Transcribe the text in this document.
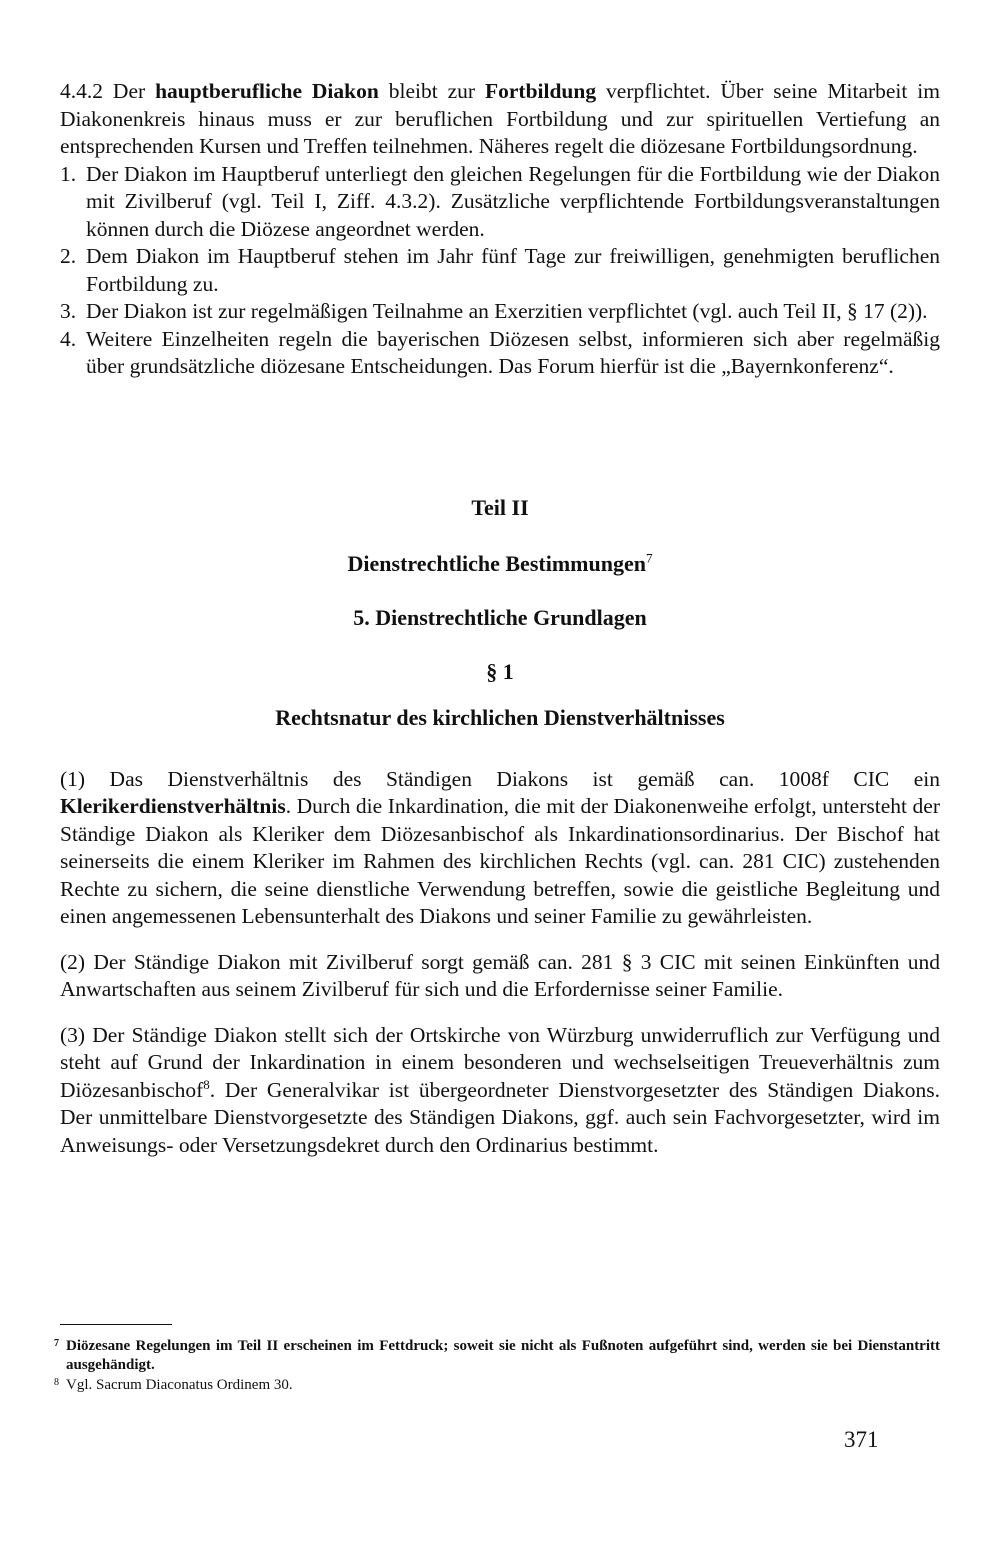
4.4.2 Der hauptberufliche Diakon bleibt zur Fortbildung verpflichtet. Über seine Mitarbeit im Diakonenkreis hinaus muss er zur beruflichen Fortbildung und zur spirituellen Vertiefung an entsprechenden Kursen und Treffen teilnehmen. Näheres regelt die diözesane Fortbildungsordnung.

1. Der Diakon im Hauptberuf unterliegt den gleichen Regelungen für die Fortbildung wie der Diakon mit Zivilberuf (vgl. Teil I, Ziff. 4.3.2). Zusätzliche verpflichtende Fortbildungsveranstaltungen können durch die Diözese angeordnet werden.
2. Dem Diakon im Hauptberuf stehen im Jahr fünf Tage zur freiwilligen, genehmigten beruflichen Fortbildung zu.
3. Der Diakon ist zur regelmäßigen Teilnahme an Exerzitien verpflichtet (vgl. auch Teil II, § 17 (2)).
4. Weitere Einzelheiten regeln die bayerischen Diözesen selbst, informieren sich aber regelmäßig über grundsätzliche diözesane Entscheidungen. Das Forum hierfür ist die „Bayernkonferenz“.

Teil II

Dienstrechtliche Bestimmungen$^7$

5. Dienstrechtliche Grundlagen

§ 1

Rechtsnatur des kirchlichen Dienstverhältnisses

(1) Das Dienstverhältnis des Ständigen Diakons ist gemäß can. 1008f CIC ein Klerikerdienstverhältnis. Durch die Inkardination, die mit der Diakonenweihe erfolgt, untersteht der Ständige Diakon als Kleriker dem Diözesanbischof als Inkardinationsordinarius. Der Bischof hat seinerseits die einem Kleriker im Rahmen des kirchlichen Rechts (vgl. can. 281 CIC) zustehenden Rechte zu sichern, die seine dienstliche Verwendung betreffen, sowie die geistliche Begleitung und einen angemessenen Lebensunterhalt des Diakons und seiner Familie zu gewährleisten.

(2) Der Ständige Diakon mit Zivilberuf sorgt gemäß can. 281 § 3 CIC mit seinen Einkünften und Anwartschaften aus seinem Zivilberuf für sich und die Erfordernisse seiner Familie.

(3) Der Ständige Diakon stellt sich der Ortskirche von Würzburg unwiderruflich zur Verfügung und steht auf Grund der Inkardination in einem besonderen und wechselseitigen Treueverhältnis zum Diözesanbischof$^8$. Der Generalvikar ist übergeordneter Dienstvorgesetzter des Ständigen Diakons. Der unmittelbare Dienstvorgesetzte des Ständigen Diakons, ggf. auch sein Fachvorgesetzter, wird im Anweisungs- oder Versetzungsdekret durch den Ordinarius bestimmt.

7 Diözesane Regelungen im Teil II erscheinen im Fettdruck; soweit sie nicht als Fußnoten aufgeführt sind, werden sie bei Dienstantritt ausgehändigt.

8 Vgl. Sacrum Diaconatus Ordinem 30.

371
